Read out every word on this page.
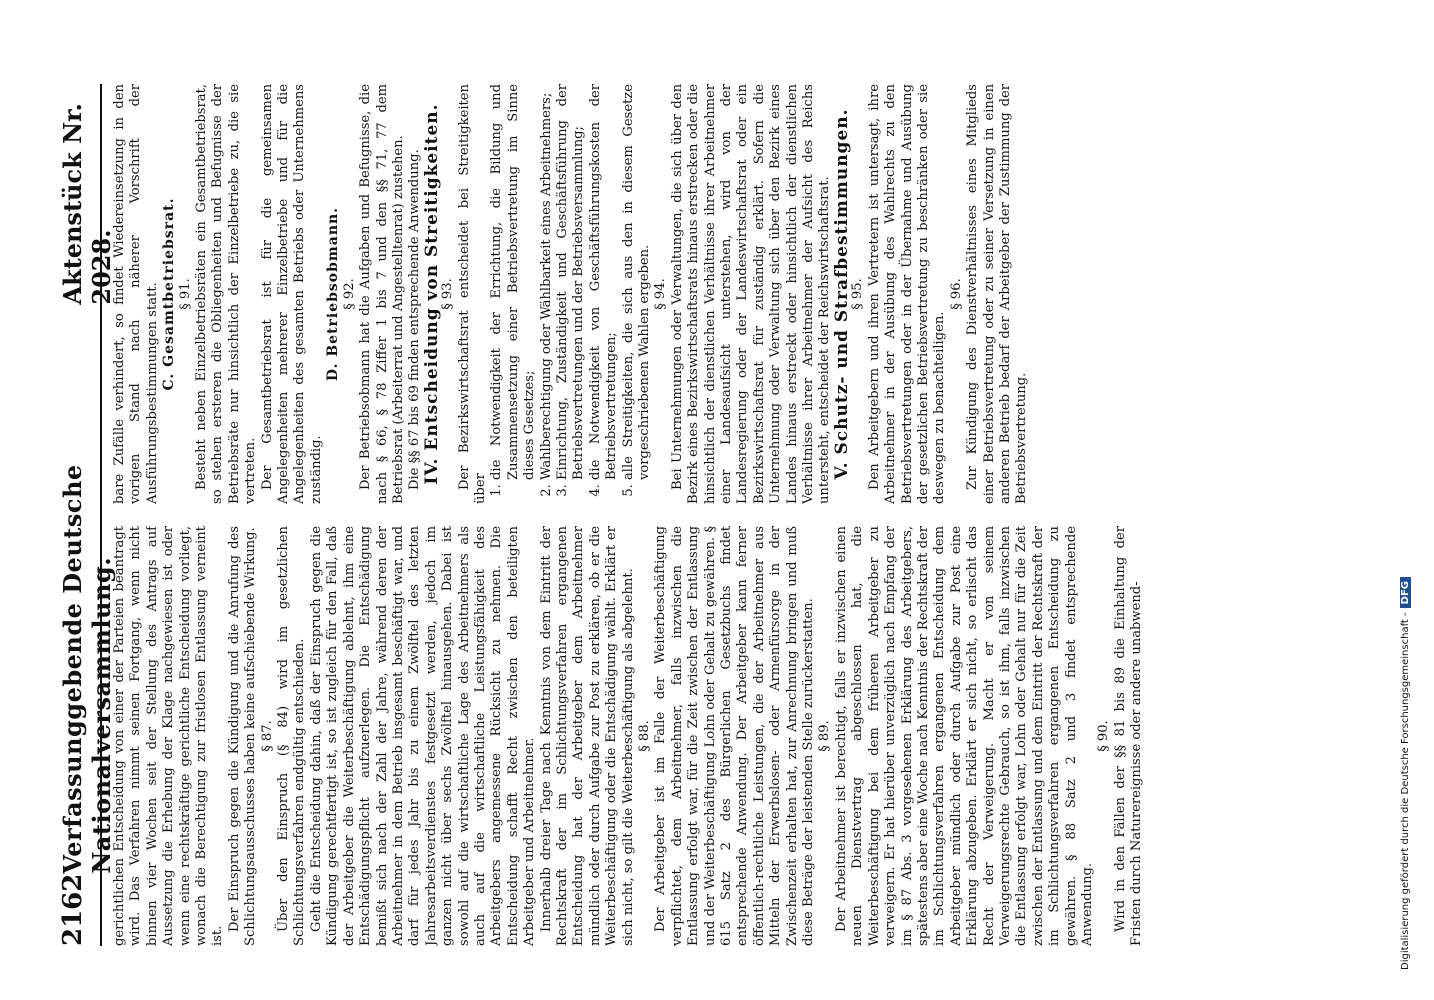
2162
Verfassunggebende Deutsche Nationalversammlung.
Aktenstück Nr. 2028.

gerichtlichen Entscheidung von einer der Parteien beantragt wird. Das Verfahren nimmt seinen Fortgang, wenn nicht binnen vier Wochen seit der Stellung des Antrags auf Aussetzung die Erhebung der Klage nachgewiesen ist oder wenn eine rechtskräftige gerichtliche Entscheidung vorliegt, wonach die Berechtigung zur fristlosen Entlassung verneint ist.

Der Einspruch gegen die Kündigung und die Anrufung des Schlichtungsausschusses haben keine aufschiebende Wirkung. § 87. Über den Einspruch (§ 84) wird im gesetzlichen Schlichtungsverfahren endgültig entschieden. Geht die Entscheidung dahin, daß der Einspruch gegen die Kündigung gerechtfertigt ist, so ist zugleich für den Fall, daß der Arbeitgeber die Weiterbeschäftigung ablehnt, ihm eine Entschädigungspflicht aufzuerlegen. Die Entschädigung bemißt sich nach der Zahl der Jahre, während deren der Arbeitnehmer in dem Betrieb insgesamt beschäftigt war, und darf für jedes Jahr bis zu einem Zwölftel des letzten Jahresarbeitsverdienstes festgesetzt werden, jedoch im ganzen nicht über sechs Zwölftel hinausgehen. Dabei ist sowohl auf die wirtschaftliche Lage des Arbeitnehmers als auch auf die wirtschaftliche Leistungsfähigkeit des Arbeitgebers angemessene Rücksicht zu nehmen. Die Entscheidung schafft Recht zwischen den beteiligten Arbeitgeber und Arbeitnehmer. Innerhalb dreier Tage nach Kenntnis von dem Eintritt der Rechtskraft der im Schlichtungsverfahren ergangenen Entscheidung hat der Arbeitgeber dem Arbeitnehmer mündlich oder durch Aufgabe zur Post zu erklären, ob er die Weiterbeschäftigung oder die Entschädigung wählt. Erklärt er sich nicht, so gilt die Weiterbeschäftigung als abgelehnt. § 88. Der Arbeitgeber ist im Falle der Weiterbeschäftigung verpflichtet, dem Arbeitnehmer, falls inzwischen die Entlassung erfolgt war, für die Zeit zwischen der Entlassung und der Weiterbeschäftigung Lohn oder Gehalt zu gewähren. § 615 Satz 2 des Bürgerlichen Gesetzbuchs findet entsprechende Anwendung. Der Arbeitgeber kann ferner öffentlich-rechtliche Leistungen, die der Arbeitnehmer aus Mitteln der Erwerbslosen- oder Armenfürsorge in der Zwischenzeit erhalten hat, zur Anrechnung bringen und muß diese Beträge der leistenden Stelle zurückerstatten. § 89. Der Arbeitnehmer ist berechtigt, falls er inzwischen einen neuen Dienstvertrag abgeschlossen hat, die Weiterbeschäftigung bei dem früheren Arbeitgeber zu verweigern. Er hat hierüber unverzüglich nach Empfang der im § 87 Abs. 3 vorgesehenen Erklärung des Arbeitgebers, spätestens aber eine Woche nach Kenntnis der Rechtskraft der im Schlichtungsverfahren ergangenen Entscheidung dem Arbeitgeber mündlich oder durch Aufgabe zur Post eine Erklärung abzugeben. Erklärt er sich nicht, so erlischt das Recht der Verweigerung. Macht er von seinem Verweigerungsrechte Gebrauch, so ist ihm, falls inzwischen die Entlassung erfolgt war, Lohn oder Gehalt nur für die Zeit zwischen der Entlassung und dem Eintritt der Rechtskraft der im Schlichtungsverfahren ergangenen Entscheidung zu gewähren. § 88 Satz 2 und 3 findet entsprechende Anwendung.

§ 90. Wird in den Fällen der §§ 81 bis 89 die Einhaltung der Fristen durch Naturereignisse oder andere unabwend-

bare Zufälle verhindert, so findet Wiedereinsetzung in den vorigen Stand nach näherer Vorschrift der Ausführungsbestimmungen statt. C. Gesamtbetriebsrat. § 91. Besteht neben Einzelbetriebsräten ein Gesamtbetriebsrat, so stehen ersteren die Obliegenheiten und Befugnisse der Betriebsräte nur hinsichtlich der Einzelbetriebe zu, die sie vertreten. Der Gesamtbetriebsrat ist für die gemeinsamen Angelegenheiten mehrerer Einzelbetriebe und für die Angelegenheiten des gesamten Betriebs oder Unternehmens zuständig.

D. Betriebsobmann. § 92. Der Betriebsobmann hat die Aufgaben und Befugnisse, die nach § 66, § 78 Ziffer 1 bis 7 und den §§ 71, 77 dem Betriebsrat (Arbeiterrat und Angestelltenrat) zustehen. Die §§ 67 bis 69 finden entsprechende Anwendung. IV. Entscheidung von Streitigkeiten.

§ 93. Der Bezirkswirtschaftsrat entscheidet bei Streitigkeiten über

1. die Notwendigkeit der Errichtung, die Bildung und Zusammensetzung einer Betriebsvertretung im Sinne dieses Gesetzes; 2. Wahlberechtigung oder Wählbarkeit eines Arbeitnehmers; 3. Einrichtung, Zuständigkeit und Geschäftsführung der Betriebsvertretungen und der Betriebsversammlung; 4. die Notwendigkeit von Geschäftsführungskosten der Betriebsvertretungen; 5. alle Streitigkeiten, die sich aus den in diesem Gesetze vorgeschriebenen Wahlen ergeben. § 94. Bei Unternehmungen oder Verwaltungen, die sich über den Bezirk eines Bezirkswirtschaftsrats hinaus erstrecken oder die hinsichtlich der dienstlichen Verhältnisse ihrer Arbeitnehmer einer Landesaufsicht unterstehen, wird von der Landesregierung oder der Landeswirtschaftsrat oder ein Bezirkswirtschaftsrat für zuständig erklärt. Sofern die Unternehmung oder Verwaltung sich über den Bezirk eines Landes hinaus erstreckt oder hinsichtlich der dienstlichen Verhältnisse ihrer Arbeitnehmer der Aufsicht des Reichs untersteht, entscheidet der Reichswirtschaftsrat. V. Schutz- und Strafbestimmungen.

§ 95. Den Arbeitgebern und ihren Vertretern ist untersagt, ihre Arbeitnehmer in der Ausübung des Wahlrechts zu den Betriebsvertretungen oder in der Übernahme und Ausübung der gesetzlichen Betriebsvertretung zu beschränken oder sie deswegen zu benachteiligen.

§ 96. Zur Kündigung des Dienstverhältnisses eines Mitglieds einer Betriebsvertretung oder zu seiner Versetzung in einen anderen Betrieb bedarf der Arbeitgeber der Zustimmung der Betriebsvertretung.

Digitalisierung gefördert durch die Deutsche Forschungsgemeinschaft -DFG
